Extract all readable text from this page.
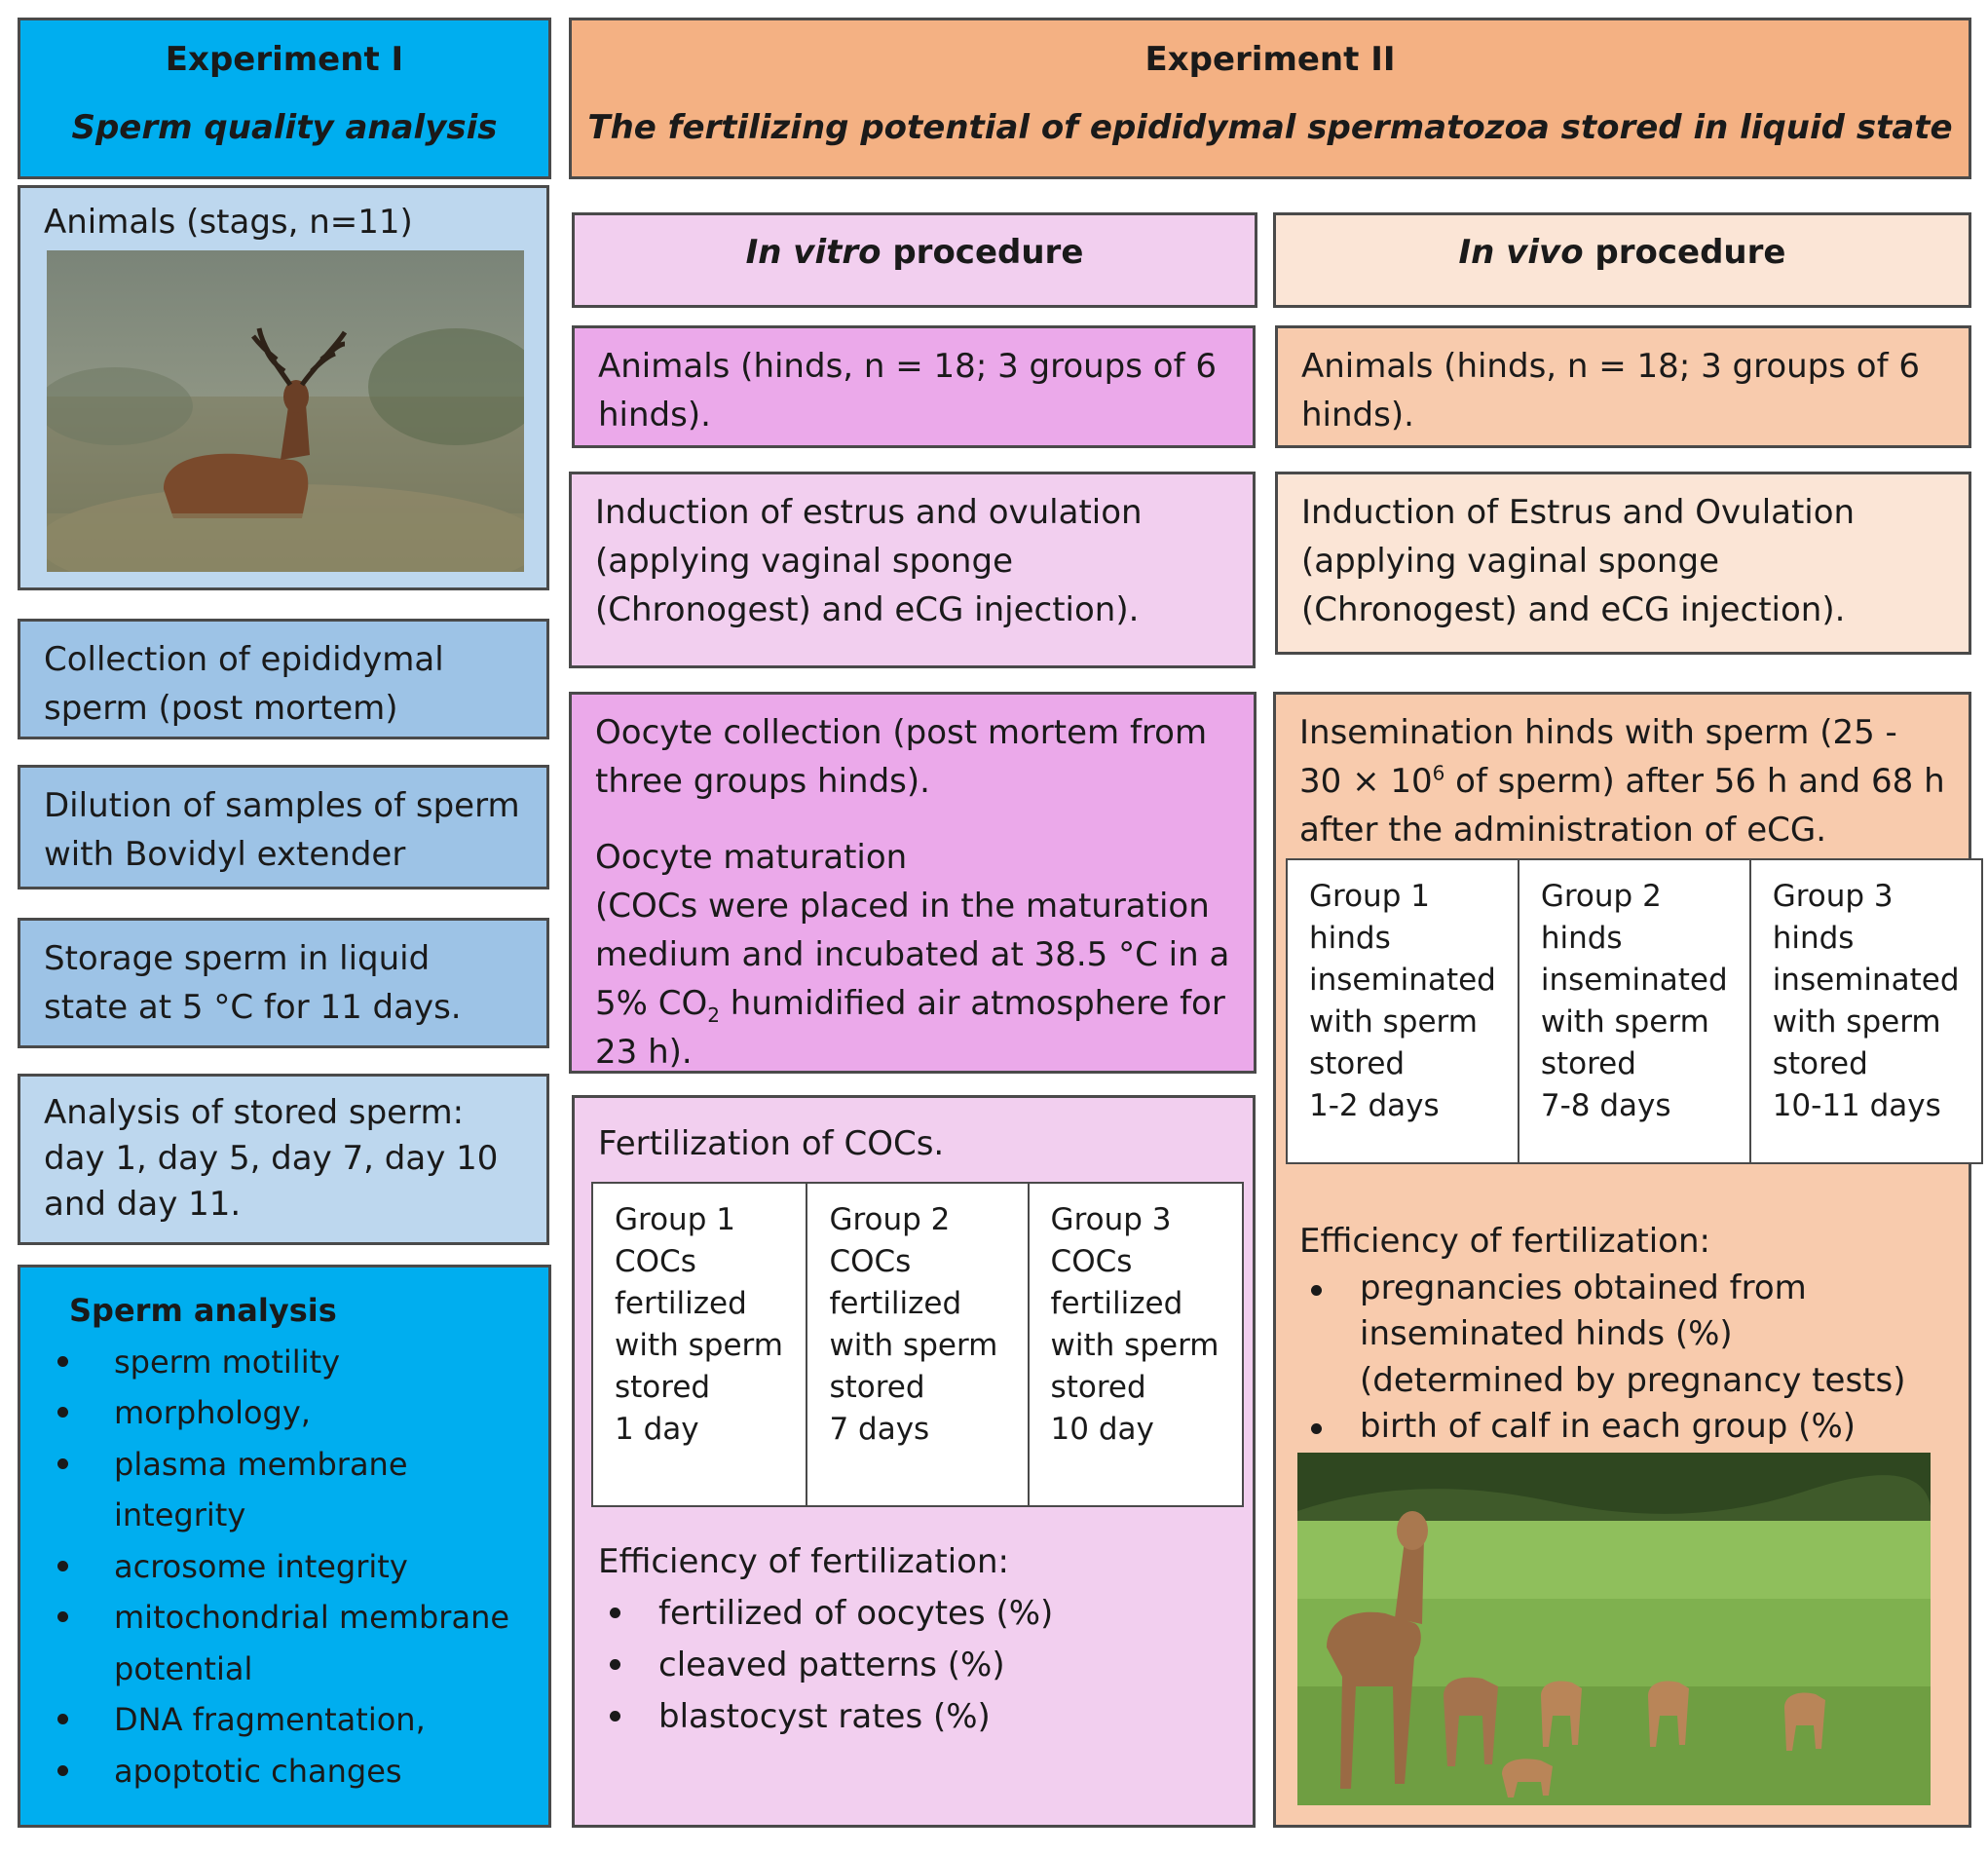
Experiment I
Sperm quality analysis

Animals (stags, n=11)

Collection of epididymal sperm (post mortem)

Dilution of samples of sperm with Bovidyl extender

Storage sperm in liquid state at 5 °C for 11 days.

Analysis of stored sperm: day 1, day 5, day 7, day 10 and day 11.

Sperm analysis

sperm motility
morphology,
plasma membrane integrity
acrosome integrity
mitochondrial membrane potential
DNA fragmentation,
apoptotic changes
Experiment II
The fertilizing potential of epididymal spermatozoa stored in liquid state
In vitro procedure

Animals (hinds, n = 18; 3 groups of 6 hinds).

Induction of estrus and ovulation (applying vaginal sponge (Chronogest) and eCG injection).

Oocyte collection (post mortem from three groups hinds).

Oocyte maturation

(COCs were placed in the maturation medium and incubated at 38.5 °C in a 5% $CO_2$ humidified air atmosphere for 23 h).

Fertilization of COCs.

Group 1
COCs
fertilized
with sperm
stored
1 day

Group 2
COCs
fertilized
with sperm
stored
7 days

Group 3
COCs
fertilized
with sperm
stored
10 day

Efficiency of fertilization:

fertilized of oocytes (%)
cleaved patterns (%)
blastocyst rates (%)
In vivo procedure

Animals (hinds, n = 18; 3 groups of 6 hinds).

Induction of Estrus and Ovulation (applying vaginal sponge (Chronogest) and eCG injection).

Insemination hinds with sperm ($25 - 30 \times 10^6$ of sperm) after 56 h and 68 h after the administration of eCG.

Group 1
hinds
inseminated
with sperm
stored
1-2 days

Group 2
hinds
inseminated
with sperm
stored
7-8 days

Group 3
hinds
inseminated
with sperm
stored
10-11 days

Efficiency of fertilization:

pregnancies obtained from inseminated hinds (%) (determined by pregnancy tests)
birth of calf in each group (%)
